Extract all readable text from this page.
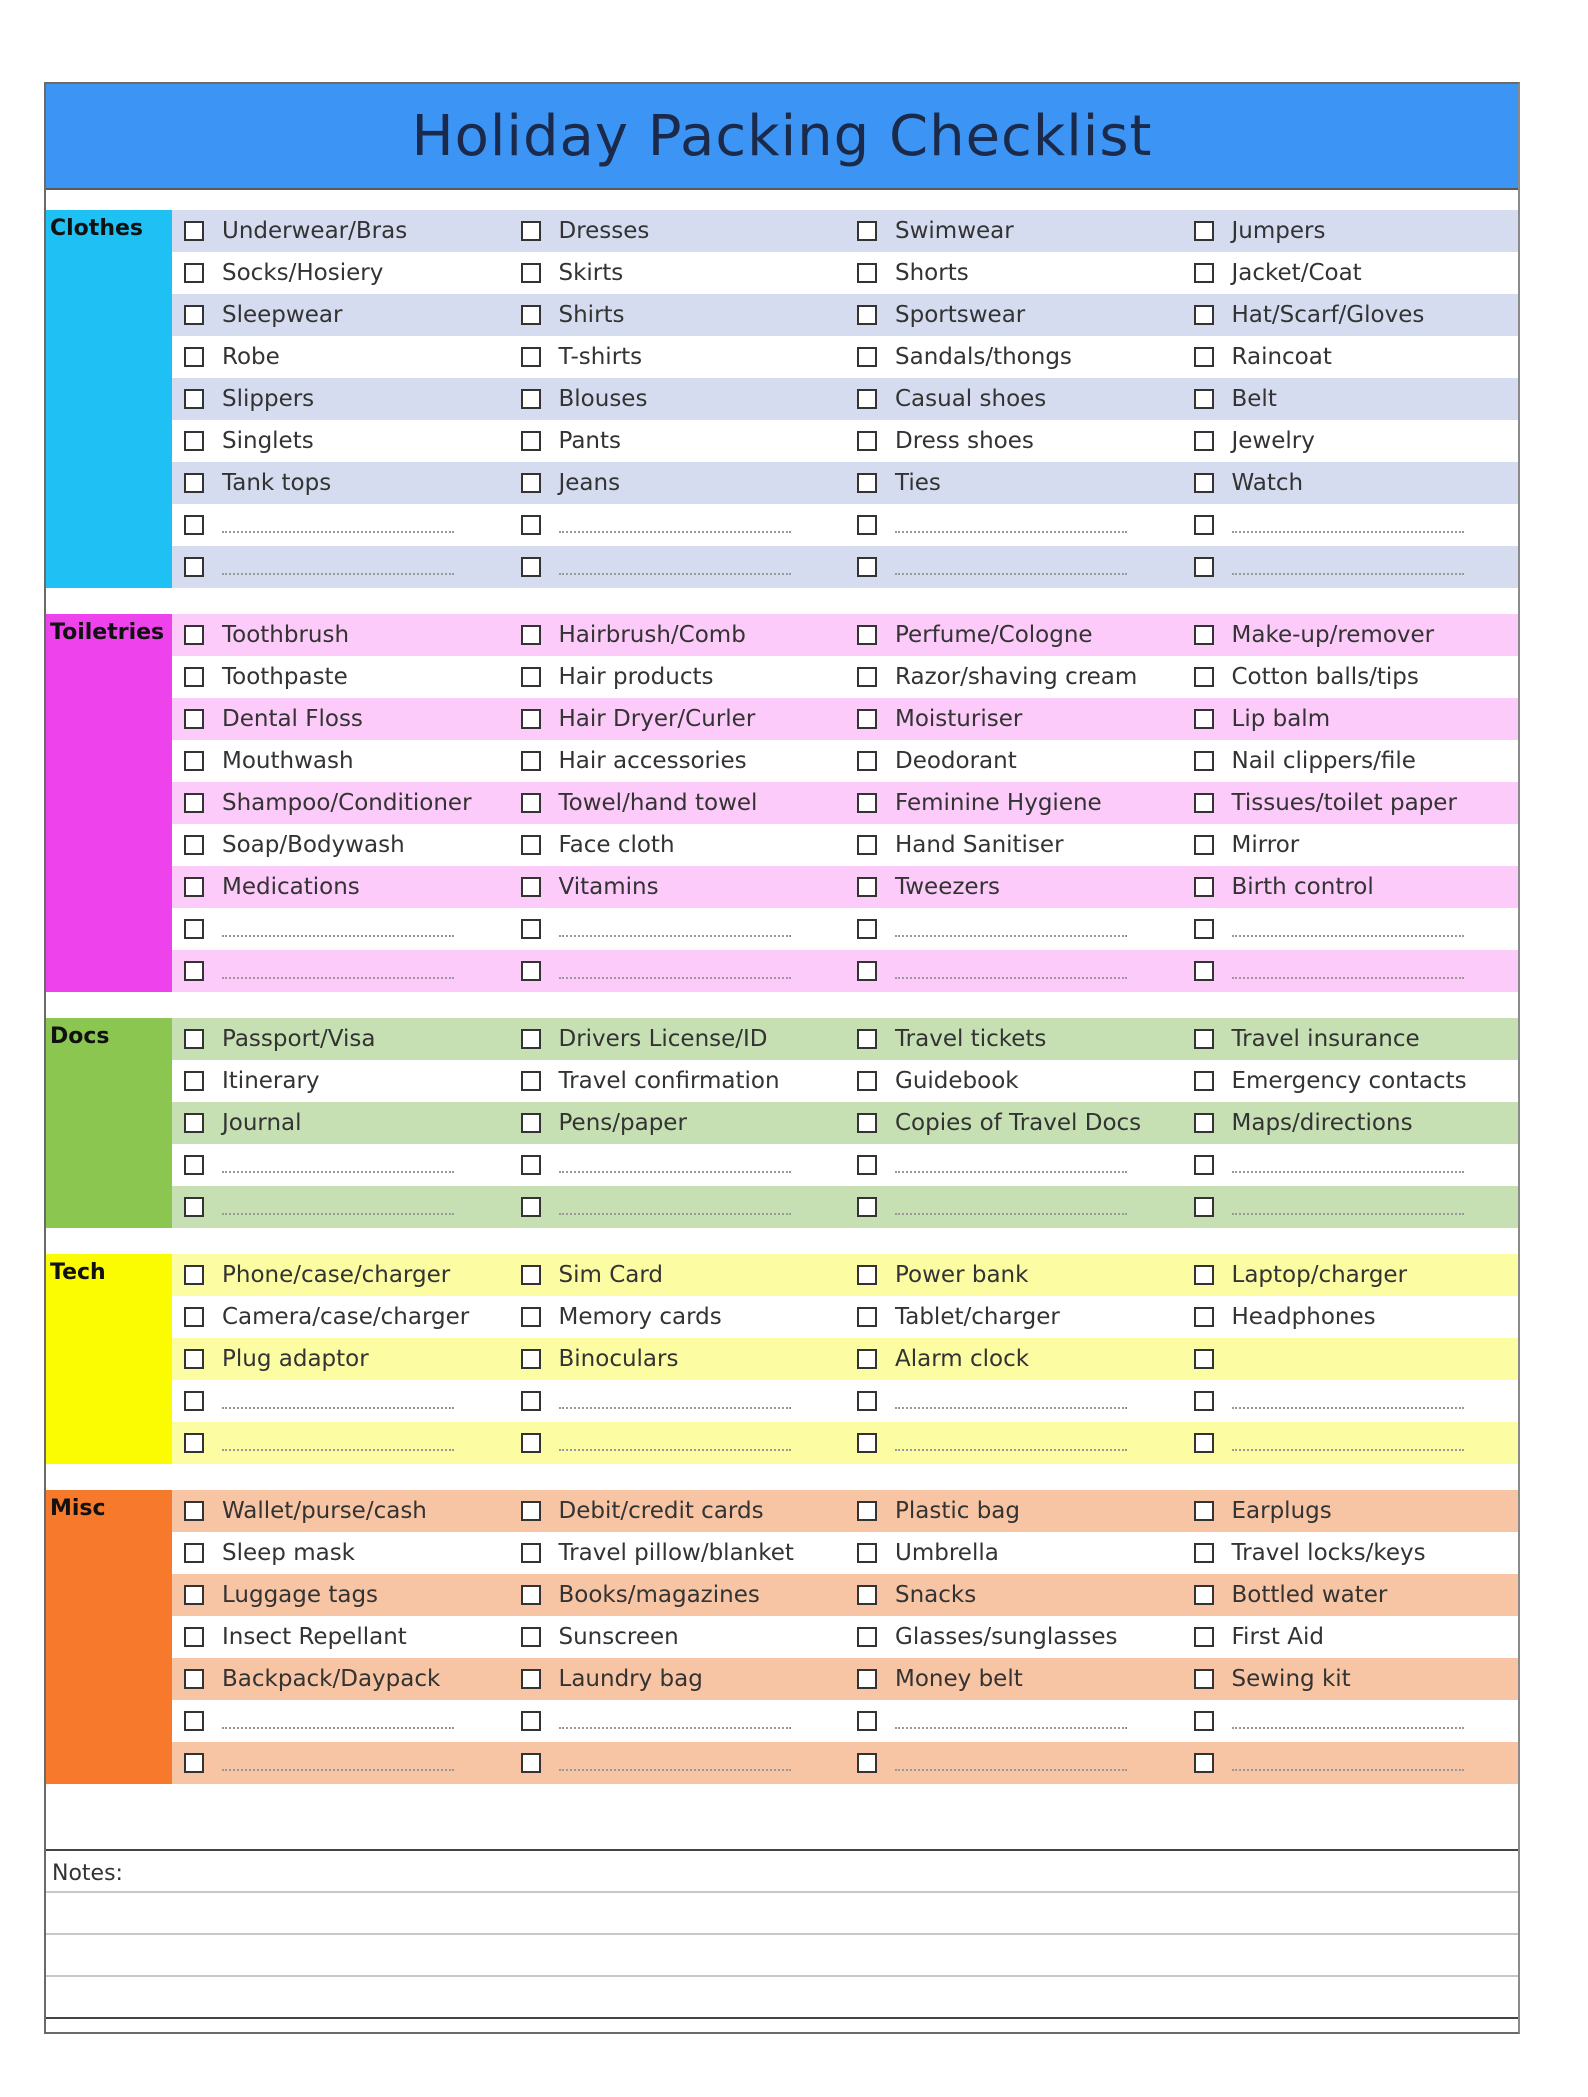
Holiday Packing Checklist
Clothes	Underwear/Bras	Dresses	Swimwear	Jumpers
Socks/Hosiery	Skirts	Shorts	Jacket/Coat
Sleepwear	Shirts	Sportswear	Hat/Scarf/Gloves
Robe	T-shirts	Sandals/thongs	Raincoat
Slippers	Blouses	Casual shoes	Belt
Singlets	Pants	Dress shoes	Jewelry
Tank tops	Jeans	Ties	Watch
Toiletries	Toothbrush	Hairbrush/Comb	Perfume/Cologne	Make-up/remover
Toothpaste	Hair products	Razor/shaving cream	Cotton balls/tips
Dental Floss	Hair Dryer/Curler	Moisturiser	Lip balm
Mouthwash	Hair accessories	Deodorant	Nail clippers/file
Shampoo/Conditioner	Towel/hand towel	Feminine Hygiene	Tissues/toilet paper
Soap/Bodywash	Face cloth	Hand Sanitiser	Mirror
Medications	Vitamins	Tweezers	Birth control
Docs	Passport/Visa	Drivers License/ID	Travel tickets	Travel insurance
Itinerary	Travel confirmation	Guidebook	Emergency contacts
Journal	Pens/paper	Copies of Travel Docs	Maps/directions
Tech	Phone/case/charger	Sim Card	Power bank	Laptop/charger
Camera/case/charger	Memory cards	Tablet/charger	Headphones
Plug adaptor	Binoculars	Alarm clock
Misc	Wallet/purse/cash	Debit/credit cards	Plastic bag	Earplugs
Sleep mask	Travel pillow/blanket	Umbrella	Travel locks/keys
Luggage tags	Books/magazines	Snacks	Bottled water
Insect Repellant	Sunscreen	Glasses/sunglasses	First Aid
Backpack/Daypack	Laundry bag	Money belt	Sewing kit
Notes:
